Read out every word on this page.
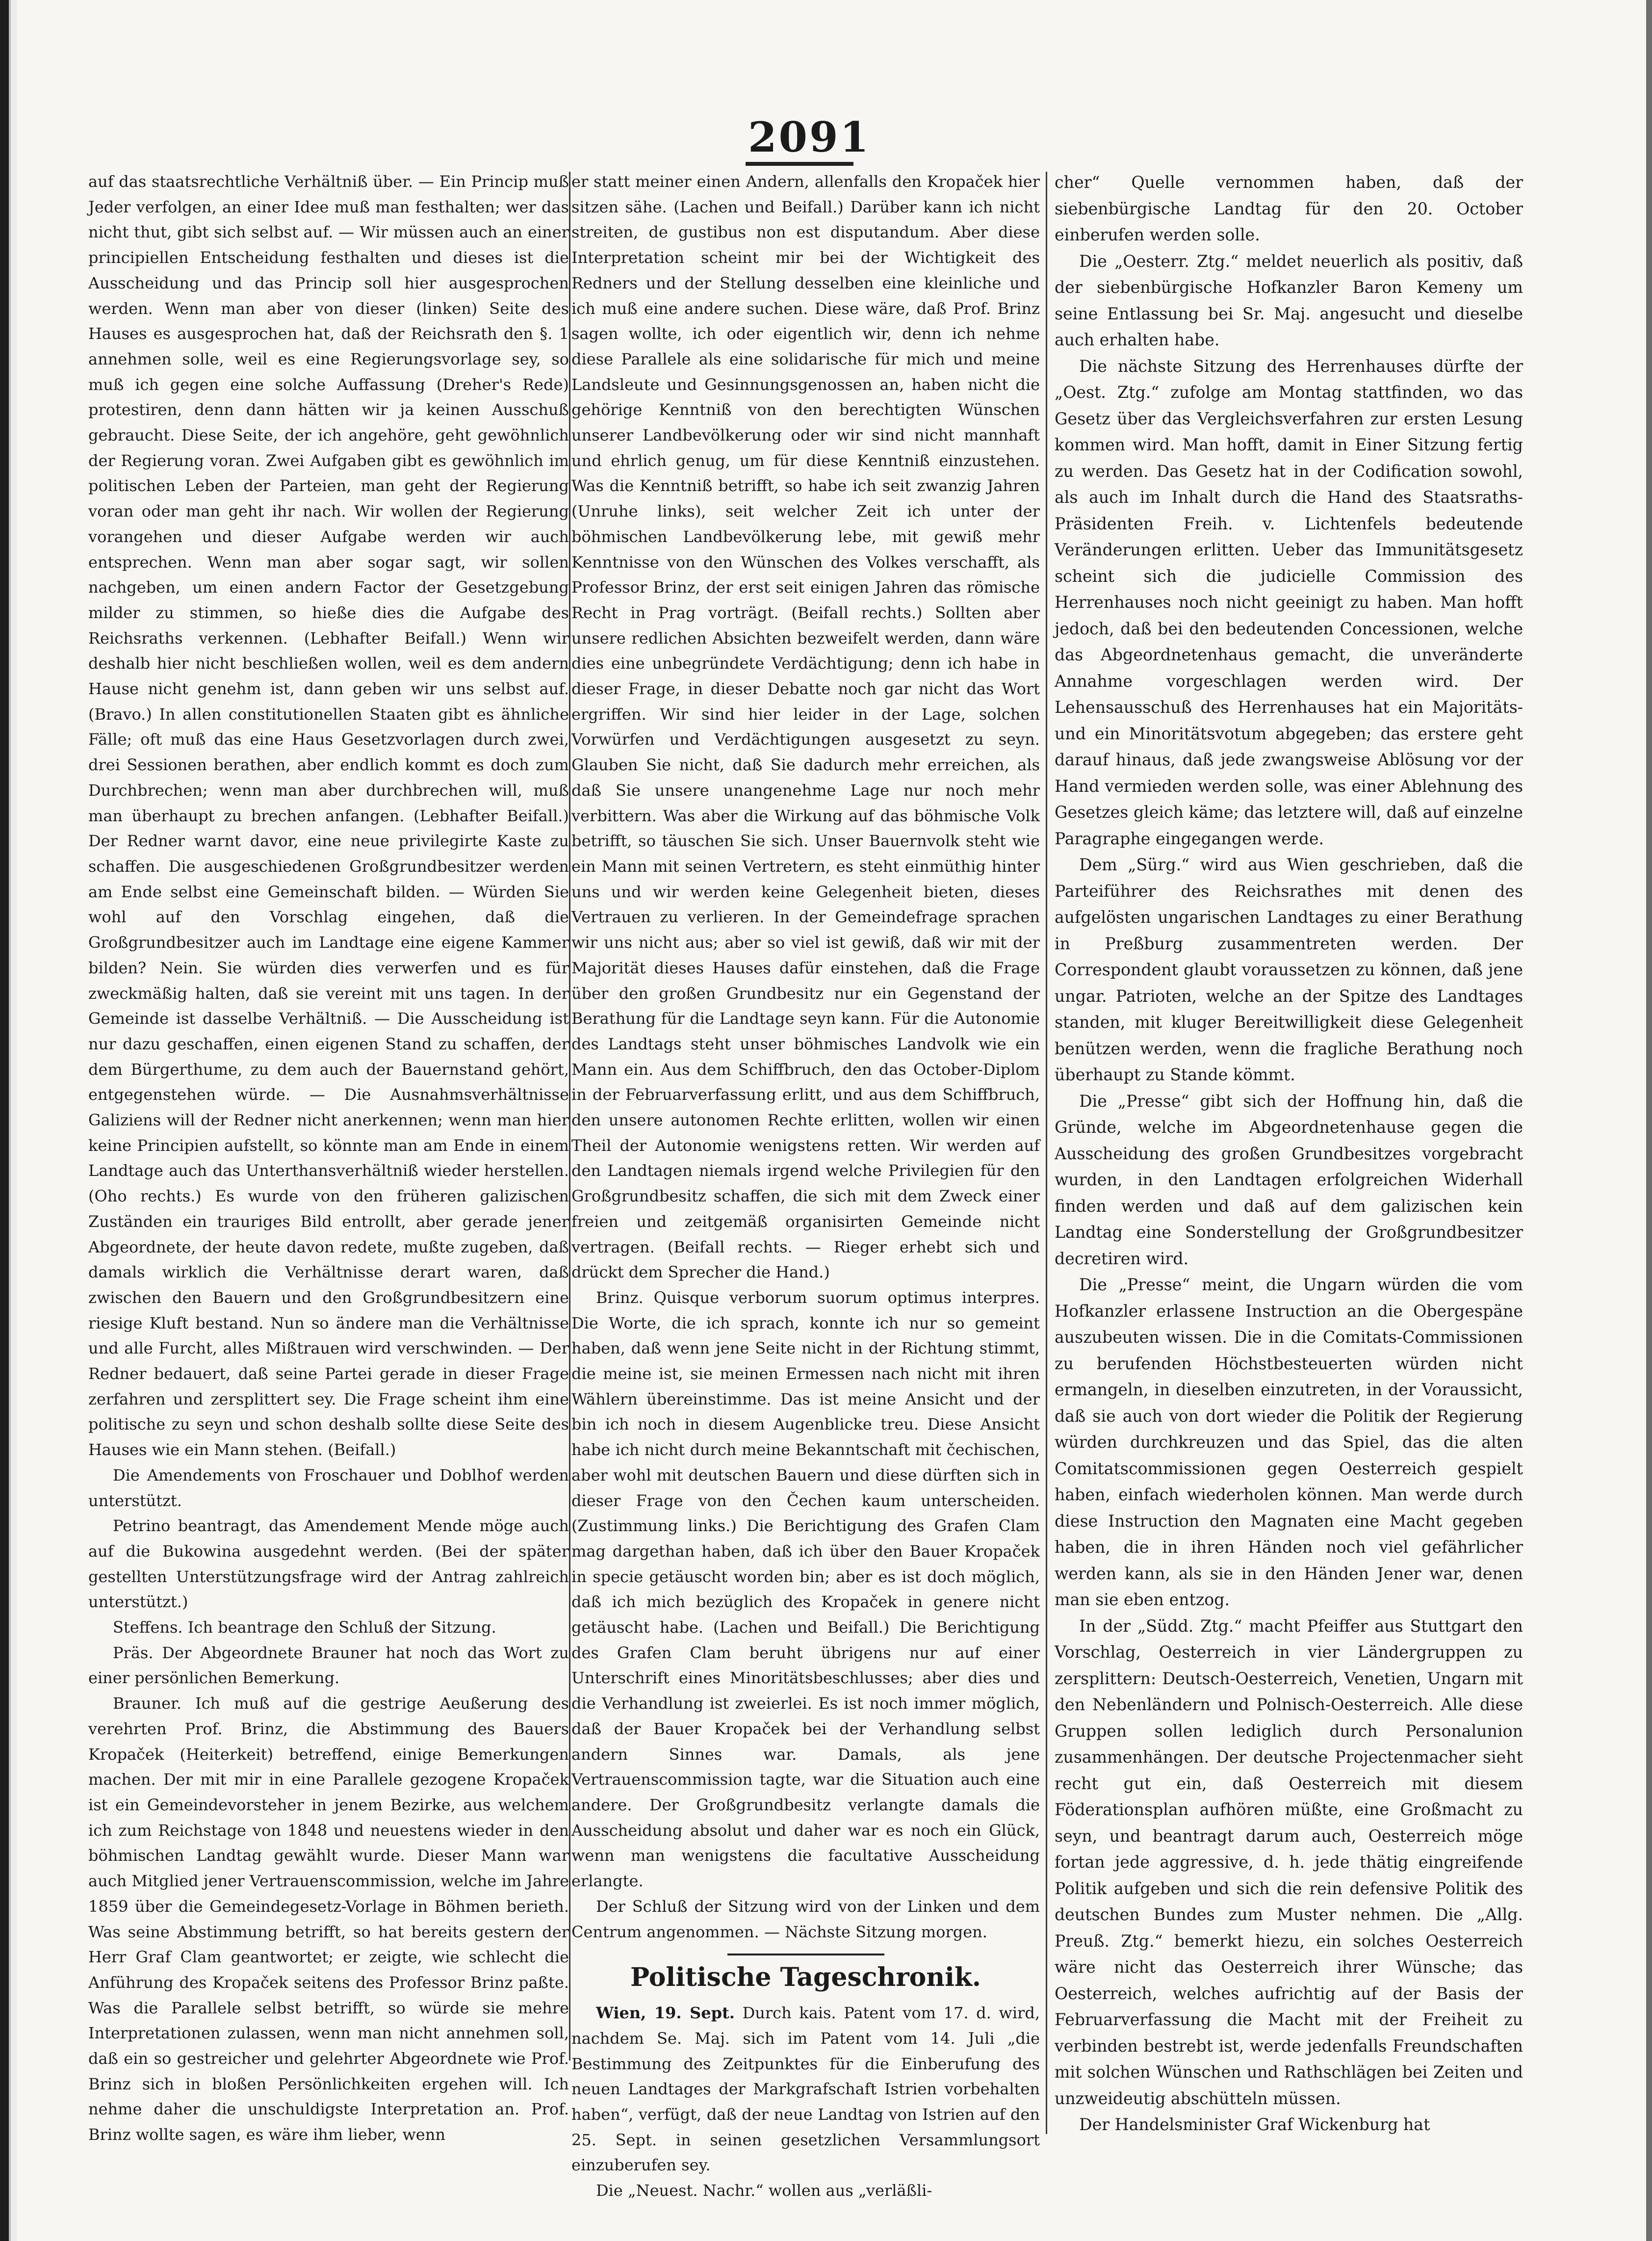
2091

auf das staatsrechtliche Verhältniß über. — Ein Princip muß Jeder verfolgen, an einer Idee muß man festhalten; wer das nicht thut, gibt sich selbst auf. — Wir müssen auch an einer principiellen Entscheidung festhalten und dieses ist die Ausscheidung und das Princip soll hier ausgesprochen werden. Wenn man aber von dieser (linken) Seite des Hauses es ausgesprochen hat, daß der Reichsrath den §. 1 annehmen solle, weil es eine Regierungsvorlage sey, so muß ich gegen eine solche Auffassung (Dreher's Rede) protestiren, denn dann hätten wir ja keinen Ausschuß gebraucht. Diese Seite, der ich angehöre, geht gewöhnlich der Regierung voran. Zwei Aufgaben gibt es gewöhnlich im politischen Leben der Parteien, man geht der Regierung voran oder man geht ihr nach. Wir wollen der Regierung vorangehen und dieser Aufgabe werden wir auch entsprechen. Wenn man aber sogar sagt, wir sollen nachgeben, um einen andern Factor der Gesetzgebung milder zu stimmen, so hieße dies die Aufgabe des Reichsraths verkennen. (Lebhafter Beifall.) Wenn wir deshalb hier nicht beschließen wollen, weil es dem andern Hause nicht genehm ist, dann geben wir uns selbst auf. (Bravo.) In allen constitutionellen Staaten gibt es ähnliche Fälle; oft muß das eine Haus Gesetzvorlagen durch zwei, drei Sessionen berathen, aber endlich kommt es doch zum Durchbrechen; wenn man aber durchbrechen will, muß man überhaupt zu brechen anfangen. (Lebhafter Beifall.) Der Redner warnt davor, eine neue privilegirte Kaste zu schaffen. Die ausgeschiedenen Großgrundbesitzer werden am Ende selbst eine Gemeinschaft bilden. — Würden Sie wohl auf den Vorschlag eingehen, daß die Großgrundbesitzer auch im Landtage eine eigene Kammer bilden? Nein. Sie würden dies verwerfen und es für zweckmäßig halten, daß sie vereint mit uns tagen. In der Gemeinde ist dasselbe Verhältniß. — Die Ausscheidung ist nur dazu geschaffen, einen eigenen Stand zu schaffen, der dem Bürgerthume, zu dem auch der Bauernstand gehört, entgegenstehen würde. — Die Ausnahmsverhältnisse Galiziens will der Redner nicht anerkennen; wenn man hier keine Principien aufstellt, so könnte man am Ende in einem Landtage auch das Unterthansverhältniß wieder herstellen. (Oho rechts.) Es wurde von den früheren galizischen Zuständen ein trauriges Bild entrollt, aber gerade jener Abgeordnete, der heute davon redete, mußte zugeben, daß damals wirklich die Verhältnisse derart waren, daß zwischen den Bauern und den Großgrundbesitzern eine riesige Kluft bestand. Nun so ändere man die Verhältnisse und alle Furcht, alles Mißtrauen wird verschwinden. — Der Redner bedauert, daß seine Partei gerade in dieser Frage zerfahren und zersplittert sey. Die Frage scheint ihm eine politische zu seyn und schon deshalb sollte diese Seite des Hauses wie ein Mann stehen. (Beifall.)

Die Amendements von Froschauer und Doblhof werden unterstützt.

Petrino beantragt, das Amendement Mende möge auch auf die Bukowina ausgedehnt werden. (Bei der später gestellten Unterstützungsfrage wird der Antrag zahlreich unterstützt.)

Steffens. Ich beantrage den Schluß der Sitzung.

Präs. Der Abgeordnete Brauner hat noch das Wort zu einer persönlichen Bemerkung.

Brauner. Ich muß auf die gestrige Aeußerung des verehrten Prof. Brinz, die Abstimmung des Bauers Kropaček (Heiterkeit) betreffend, einige Bemerkungen machen. Der mit mir in eine Parallele gezogene Kropaček ist ein Gemeindevorsteher in jenem Bezirke, aus welchem ich zum Reichstage von 1848 und neuestens wieder in den böhmischen Landtag gewählt wurde. Dieser Mann war auch Mitglied jener Vertrauenscommission, welche im Jahre 1859 über die Gemeindegesetz-Vorlage in Böhmen berieth. Was seine Abstimmung betrifft, so hat bereits gestern der Herr Graf Clam geantwortet; er zeigte, wie schlecht die Anführung des Kropaček seitens des Professor Brinz paßte. Was die Parallele selbst betrifft, so würde sie mehre Interpretationen zulassen, wenn man nicht annehmen soll, daß ein so gestreicher und gelehrter Abgeordnete wie Prof. Brinz sich in bloßen Persönlichkeiten ergehen will. Ich nehme daher die unschuldigste Interpretation an. Prof. Brinz wollte sagen, es wäre ihm lieber, wenn

er statt meiner einen Andern, allenfalls den Kropaček hier sitzen sähe. (Lachen und Beifall.) Darüber kann ich nicht streiten, de gustibus non est disputandum. Aber diese Interpretation scheint mir bei der Wichtigkeit des Redners und der Stellung desselben eine kleinliche und ich muß eine andere suchen. Diese wäre, daß Prof. Brinz sagen wollte, ich oder eigentlich wir, denn ich nehme diese Parallele als eine solidarische für mich und meine Landsleute und Gesinnungsgenossen an, haben nicht die gehörige Kenntniß von den berechtigten Wünschen unserer Landbevölkerung oder wir sind nicht mannhaft und ehrlich genug, um für diese Kenntniß einzustehen. Was die Kenntniß betrifft, so habe ich seit zwanzig Jahren (Unruhe links), seit welcher Zeit ich unter der böhmischen Landbevölkerung lebe, mit gewiß mehr Kenntnisse von den Wünschen des Volkes verschafft, als Professor Brinz, der erst seit einigen Jahren das römische Recht in Prag vorträgt. (Beifall rechts.) Sollten aber unsere redlichen Absichten bezweifelt werden, dann wäre dies eine unbegründete Verdächtigung; denn ich habe in dieser Frage, in dieser Debatte noch gar nicht das Wort ergriffen. Wir sind hier leider in der Lage, solchen Vorwürfen und Verdächtigungen ausgesetzt zu seyn. Glauben Sie nicht, daß Sie dadurch mehr erreichen, als daß Sie unsere unangenehme Lage nur noch mehr verbittern. Was aber die Wirkung auf das böhmische Volk betrifft, so täuschen Sie sich. Unser Bauernvolk steht wie ein Mann mit seinen Vertretern, es steht einmüthig hinter uns und wir werden keine Gelegenheit bieten, dieses Vertrauen zu verlieren. In der Gemeindefrage sprachen wir uns nicht aus; aber so viel ist gewiß, daß wir mit der Majorität dieses Hauses dafür einstehen, daß die Frage über den großen Grundbesitz nur ein Gegenstand der Berathung für die Landtage seyn kann. Für die Autonomie des Landtags steht unser böhmisches Landvolk wie ein Mann ein. Aus dem Schiffbruch, den das October-Diplom in der Februarverfassung erlitt, und aus dem Schiffbruch, den unsere autonomen Rechte erlitten, wollen wir einen Theil der Autonomie wenigstens retten. Wir werden auf den Landtagen niemals irgend welche Privilegien für den Großgrundbesitz schaffen, die sich mit dem Zweck einer freien und zeitgemäß organisirten Gemeinde nicht vertragen. (Beifall rechts. — Rieger erhebt sich und drückt dem Sprecher die Hand.)

Brinz. Quisque verborum suorum optimus interpres. Die Worte, die ich sprach, konnte ich nur so gemeint haben, daß wenn jene Seite nicht in der Richtung stimmt, die meine ist, sie meinen Ermessen nach nicht mit ihren Wählern übereinstimme. Das ist meine Ansicht und der bin ich noch in diesem Augenblicke treu. Diese Ansicht habe ich nicht durch meine Bekanntschaft mit čechischen, aber wohl mit deutschen Bauern und diese dürften sich in dieser Frage von den Čechen kaum unterscheiden. (Zustimmung links.) Die Berichtigung des Grafen Clam mag dargethan haben, daß ich über den Bauer Kropaček in specie getäuscht worden bin; aber es ist doch möglich, daß ich mich bezüglich des Kropaček in genere nicht getäuscht habe. (Lachen und Beifall.) Die Berichtigung des Grafen Clam beruht übrigens nur auf einer Unterschrift eines Minoritätsbeschlusses; aber dies und die Verhandlung ist zweierlei. Es ist noch immer möglich, daß der Bauer Kropaček bei der Verhandlung selbst andern Sinnes war. Damals, als jene Vertrauenscommission tagte, war die Situation auch eine andere. Der Großgrundbesitz verlangte damals die Ausscheidung absolut und daher war es noch ein Glück, wenn man wenigstens die facultative Ausscheidung erlangte.

Der Schluß der Sitzung wird von der Linken und dem Centrum angenommen. — Nächste Sitzung morgen.

Politische Tageschronik.

Wien, 19. Sept. Durch kais. Patent vom 17. d. wird, nachdem Se. Maj. sich im Patent vom 14. Juli „die Bestimmung des Zeitpunktes für die Einberufung des neuen Landtages der Markgrafschaft Istrien vorbehalten haben“, verfügt, daß der neue Landtag von Istrien auf den 25. Sept. in seinen gesetzlichen Versammlungsort einzuberufen sey.

Die „Neuest. Nachr.“ wollen aus „verläßli-

cher“ Quelle vernommen haben, daß der siebenbürgische Landtag für den 20. October einberufen werden solle.

Die „Oesterr. Ztg.“ meldet neuerlich als positiv, daß der siebenbürgische Hofkanzler Baron Kemeny um seine Entlassung bei Sr. Maj. angesucht und dieselbe auch erhalten habe.

Die nächste Sitzung des Herrenhauses dürfte der „Oest. Ztg.“ zufolge am Montag stattfinden, wo das Gesetz über das Vergleichsverfahren zur ersten Lesung kommen wird. Man hofft, damit in Einer Sitzung fertig zu werden. Das Gesetz hat in der Codification sowohl, als auch im Inhalt durch die Hand des Staatsraths-Präsidenten Freih. v. Lichtenfels bedeutende Veränderungen erlitten. Ueber das Immunitätsgesetz scheint sich die judicielle Commission des Herrenhauses noch nicht geeinigt zu haben. Man hofft jedoch, daß bei den bedeutenden Concessionen, welche das Abgeordnetenhaus gemacht, die unveränderte Annahme vorgeschlagen werden wird. Der Lehensausschuß des Herrenhauses hat ein Majoritäts- und ein Minoritätsvotum abgegeben; das erstere geht darauf hinaus, daß jede zwangsweise Ablösung vor der Hand vermieden werden solle, was einer Ablehnung des Gesetzes gleich käme; das letztere will, daß auf einzelne Paragraphe eingegangen werde.

Dem „Sürg.“ wird aus Wien geschrieben, daß die Parteiführer des Reichsrathes mit denen des aufgelösten ungarischen Landtages zu einer Berathung in Preßburg zusammentreten werden. Der Correspondent glaubt voraussetzen zu können, daß jene ungar. Patrioten, welche an der Spitze des Landtages standen, mit kluger Bereitwilligkeit diese Gelegenheit benützen werden, wenn die fragliche Berathung noch überhaupt zu Stande kömmt.

Die „Presse“ gibt sich der Hoffnung hin, daß die Gründe, welche im Abgeordnetenhause gegen die Ausscheidung des großen Grundbesitzes vorgebracht wurden, in den Landtagen erfolgreichen Widerhall finden werden und daß auf dem galizischen kein Landtag eine Sonderstellung der Großgrundbesitzer decretiren wird.

Die „Presse“ meint, die Ungarn würden die vom Hofkanzler erlassene Instruction an die Obergespäne auszubeuten wissen. Die in die Comitats-Commissionen zu berufenden Höchstbesteuerten würden nicht ermangeln, in dieselben einzutreten, in der Voraussicht, daß sie auch von dort wieder die Politik der Regierung würden durchkreuzen und das Spiel, das die alten Comitatscommissionen gegen Oesterreich gespielt haben, einfach wiederholen können. Man werde durch diese Instruction den Magnaten eine Macht gegeben haben, die in ihren Händen noch viel gefährlicher werden kann, als sie in den Händen Jener war, denen man sie eben entzog.

In der „Südd. Ztg.“ macht Pfeiffer aus Stuttgart den Vorschlag, Oesterreich in vier Ländergruppen zu zersplittern: Deutsch-Oesterreich, Venetien, Ungarn mit den Nebenländern und Polnisch-Oesterreich. Alle diese Gruppen sollen lediglich durch Personalunion zusammenhängen. Der deutsche Projectenmacher sieht recht gut ein, daß Oesterreich mit diesem Föderationsplan aufhören müßte, eine Großmacht zu seyn, und beantragt darum auch, Oesterreich möge fortan jede aggressive, d. h. jede thätig eingreifende Politik aufgeben und sich die rein defensive Politik des deutschen Bundes zum Muster nehmen. Die „Allg. Preuß. Ztg.“ bemerkt hiezu, ein solches Oesterreich wäre nicht das Oesterreich ihrer Wünsche; das Oesterreich, welches aufrichtig auf der Basis der Februarverfassung die Macht mit der Freiheit zu verbinden bestrebt ist, werde jedenfalls Freundschaften mit solchen Wünschen und Rathschlägen bei Zeiten und unzweideutig abschütteln müssen.

Der Handelsminister Graf Wickenburg hat
